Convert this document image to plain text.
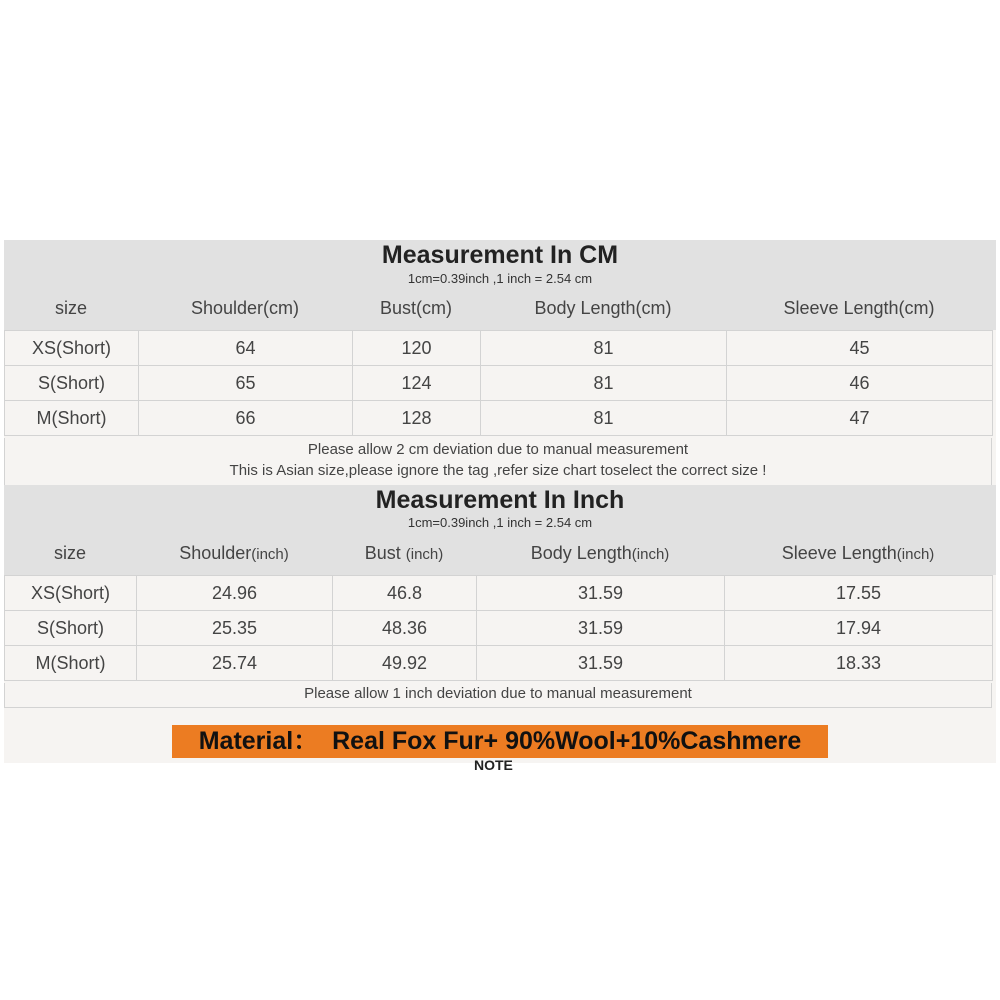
Measurement In CM
1cm=0.39inch ,1 inch = 2.54 cm
size	Shoulder(cm)	Bust(cm)	Body Length(cm)	Sleeve Length(cm)
XS(Short)	64	120	81	45
S(Short)	65	124	81	46
M(Short)	66	128	81	47
Please allow 2 cm deviation due to manual measurement
This is Asian size,please ignore the tag ,refer size chart toselect the correct size !
Measurement In Inch
1cm=0.39inch ,1 inch = 2.54 cm
size	Shoulder(inch)	Bust (inch)	Body Length(inch)	Sleeve Length(inch)
XS(Short)	24.96	46.8	31.59	17.55
S(Short)	25.35	48.36	31.59	17.94
M(Short)	25.74	49.92	31.59	18.33
Please allow 1 inch deviation due to manual measurement
Material： Real Fox Fur+ 90%Wool+10%Cashmere
NOTE
